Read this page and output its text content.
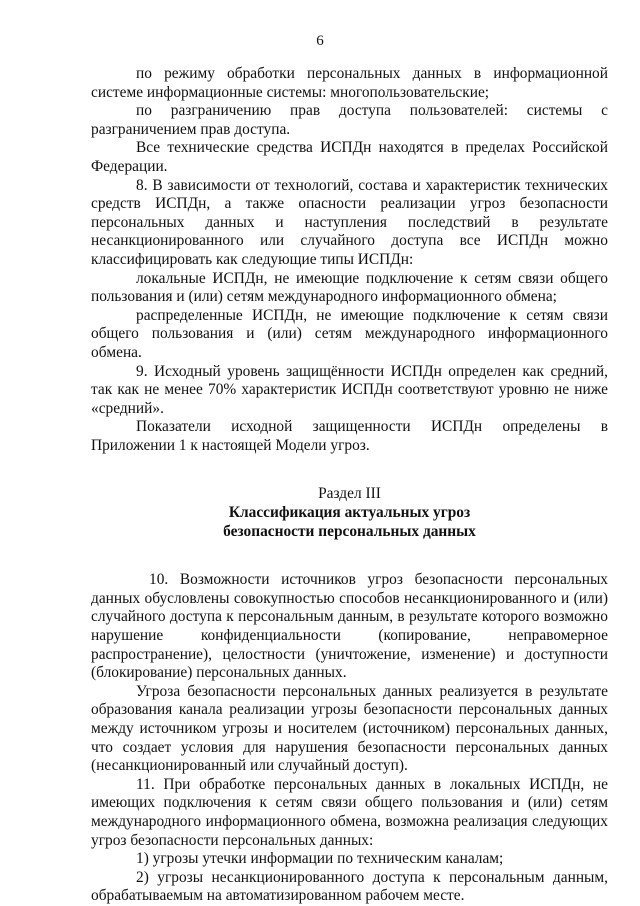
6

по режиму обработки персональных данных в информационной системе информационные системы: многопользовательские;

по разграничению прав доступа пользователей: системы с разграничением прав доступа.

Все технические средства ИСПДн находятся в пределах Российской Федерации.

8. В зависимости от технологий, состава и характеристик технических средств ИСПДн, а также опасности реализации угроз безопасности персональных данных и наступления последствий в результате несанкционированного или случайного доступа все ИСПДн можно классифицировать как следующие типы ИСПДн:

локальные ИСПДн, не имеющие подключение к сетям связи общего пользования и (или) сетям международного информационного обмена;

распределенные ИСПДн, не имеющие подключение к сетям связи общего пользования и (или) сетям международного информационного обмена.

9. Исходный уровень защищённости ИСПДн определен как средний, так как не менее 70% характеристик ИСПДн соответствуют уровню не ниже «средний».

Показатели исходной защищенности ИСПДн определены в Приложении 1 к настоящей Модели угроз.

Раздел III
Классификация актуальных угроз
безопасности персональных данных

10. Возможности источников угроз безопасности персональных данных обусловлены совокупностью способов несанкционированного и (или) случайного доступа к персональным данным, в результате которого возможно нарушение конфиденциальности (копирование, неправомерное распространение), целостности (уничтожение, изменение) и доступности (блокирование) персональных данных.

Угроза безопасности персональных данных реализуется в результате образования канала реализации угрозы безопасности персональных данных между источником угрозы и носителем (источником) персональных данных, что создает условия для нарушения безопасности персональных данных (несанкционированный или случайный доступ).

11. При обработке персональных данных в локальных ИСПДн, не имеющих подключения к сетям связи общего пользования и (или) сетям международного информационного обмена, возможна реализация следующих угроз безопасности персональных данных:

1) угрозы утечки информации по техническим каналам;

2) угрозы несанкционированного доступа к персональным данным, обрабатываемым на автоматизированном рабочем месте.
